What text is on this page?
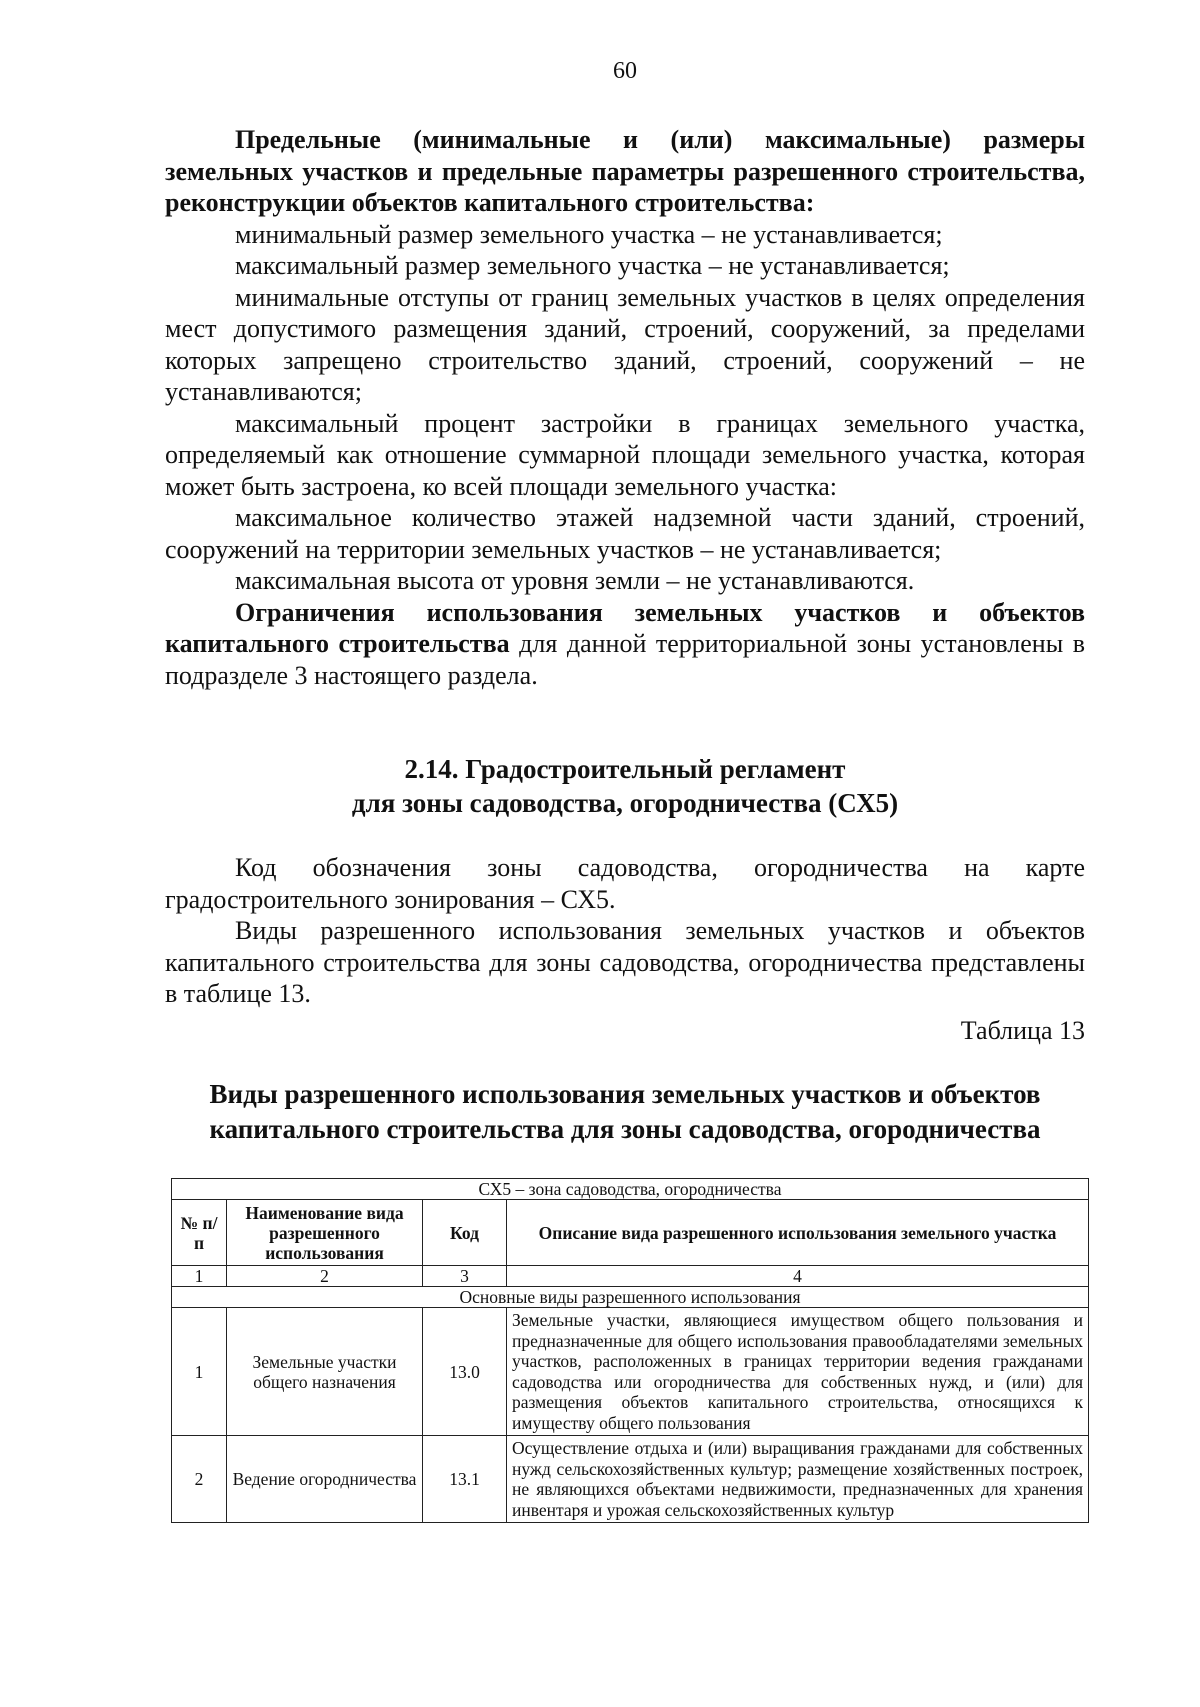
60

Предельные (минимальные и (или) максимальные) размеры земельных участков и предельные параметры разрешенного строительства, реконструкции объектов капитального строительства:

минимальный размер земельного участка – не устанавливается;

максимальный размер земельного участка – не устанавливается;

минимальные отступы от границ земельных участков в целях определения мест допустимого размещения зданий, строений, сооружений, за пределами которых запрещено строительство зданий, строений, сооружений – не устанавливаются;

максимальный процент застройки в границах земельного участка, определяемый как отношение суммарной площади земельного участка, которая может быть застроена, ко всей площади земельного участка:

максимальное количество этажей надземной части зданий, строений, сооружений на территории земельных участков – не устанавливается;

максимальная высота от уровня земли – не устанавливаются.

Ограничения использования земельных участков и объектов капитального строительства для данной территориальной зоны установлены в подразделе 3 настоящего раздела.

2.14. Градостроительный регламент
для зоны садоводства, огородничества (СХ5)

Код обозначения зоны садоводства, огородничества на карте градостроительного зонирования – СХ5.

Виды разрешенного использования земельных участков и объектов капитального строительства для зоны садоводства, огородничества представлены в таблице 13.

Таблица 13
Виды разрешенного использования земельных участков и объектов
капитального строительства для зоны садоводства, огородничества
СХ5 – зона садоводства, огородничества			
№ п/п	Наименование вида разрешенного использования	Код	Описание вида разрешенного использования земельного участка
1	2	3	4
Основные виды разрешенного использования			
1	Земельные участки общего назначения	13.0	Земельные участки, являющиеся имуществом общего пользования и предназначенные для общего использования правообладателями земельных участков, расположенных в границах территории ведения гражданами садоводства или огородничества для собственных нужд, и (или) для размещения объектов капитального строительства, относящихся к имуществу общего пользования
2	Ведение огородничества	13.1	Осуществление отдыха и (или) выращивания гражданами для собственных нужд сельскохозяйственных культур; размещение хозяйственных построек, не являющихся объектами недвижимости, предназначенных для хранения инвентаря и урожая сельскохозяйственных культур
